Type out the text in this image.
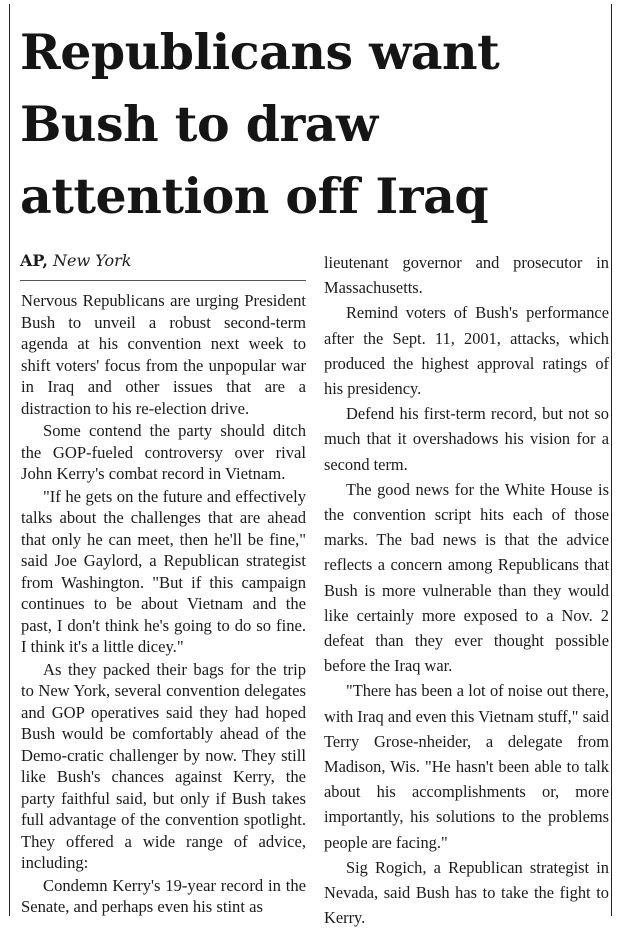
Republicans want
Bush to draw
attention off Iraq
AP, New York

Nervous Republicans are urging President Bush to unveil a robust second-term agenda at his convention next week to shift voters' focus from the unpopular war in Iraq and other issues that are a distraction to his re-election drive.

Some contend the party should ditch the GOP-fueled controversy over rival John Kerry's combat record in Vietnam.

"If he gets on the future and effectively talks about the challenges that are ahead that only he can meet, then he'll be fine," said Joe Gaylord, a Republican strategist from Washington. "But if this campaign continues to be about Vietnam and the past, I don't think he's going to do so fine. I think it's a little dicey."

As they packed their bags for the trip to New York, several convention delegates and GOP operatives said they had hoped Bush would be comfortably ahead of the Demo-cratic challenger by now. They still like Bush's chances against Kerry, the party faithful said, but only if Bush takes full advantage of the convention spotlight. They offered a wide range of advice, including:

Condemn Kerry's 19-year record in the Senate, and perhaps even his stint as

lieutenant governor and prosecutor in Massachusetts.

Remind voters of Bush's performance after the Sept. 11, 2001, attacks, which produced the highest approval ratings of his presidency.

Defend his first-term record, but not so much that it overshadows his vision for a second term.

The good news for the White House is the convention script hits each of those marks. The bad news is that the advice reflects a concern among Republicans that Bush is more vulnerable than they would like certainly more exposed to a Nov. 2 defeat than they ever thought possible before the Iraq war.

"There has been a lot of noise out there, with Iraq and even this Vietnam stuff," said Terry Grose-nheider, a delegate from Madison, Wis. "He hasn't been able to talk about his accomplishments or, more importantly, his solutions to the problems people are facing."

Sig Rogich, a Republican strategist in Nevada, said Bush has to take the fight to Kerry.
